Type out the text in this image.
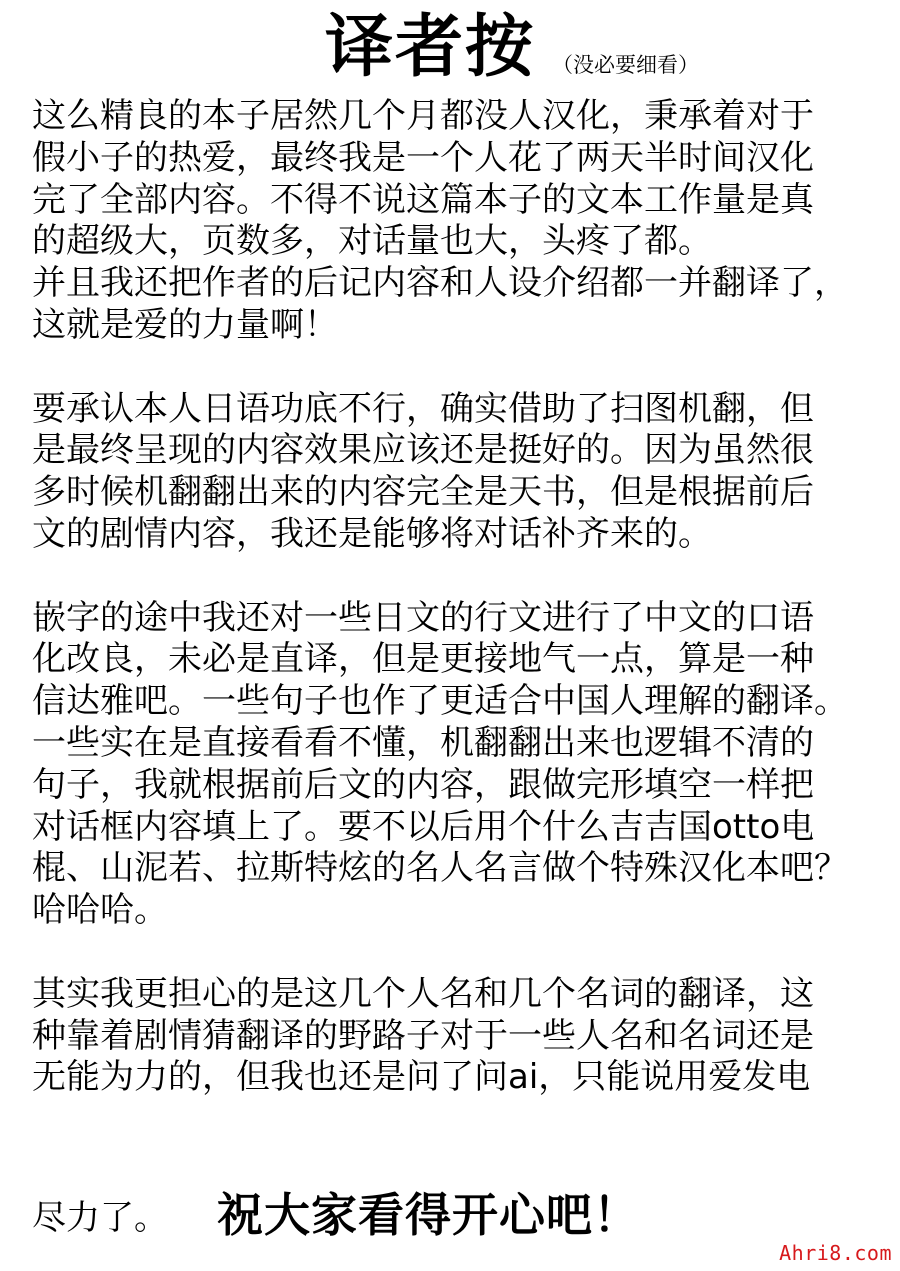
译者按 （没必要细看）

这么精良的本子居然几个月都没人汉化，秉承着对于
假小子的热爱，最终我是一个人花了两天半时间汉化
完了全部内容。不得不说这篇本子的文本工作量是真
的超级大，页数多，对话量也大，头疼了都。
并且我还把作者的后记内容和人设介绍都一并翻译了，
这就是爱的力量啊！

要承认本人日语功底不行，确实借助了扫图机翻，但
是最终呈现的内容效果应该还是挺好的。因为虽然很
多时候机翻翻出来的内容完全是天书，但是根据前后
文的剧情内容，我还是能够将对话补齐来的。

嵌字的途中我还对一些日文的行文进行了中文的口语
化改良，未必是直译，但是更接地气一点，算是一种
信达雅吧。一些句子也作了更适合中国人理解的翻译。
一些实在是直接看看不懂，机翻翻出来也逻辑不清的
句子，我就根据前后文的内容，跟做完形填空一样把
对话框内容填上了。要不以后用个什么吉吉国otto电
棍、山泥若、拉斯特炫的名人名言做个特殊汉化本吧？
哈哈哈。

其实我更担心的是这几个人名和几个名词的翻译，这
种靠着剧情猜翻译的野路子对于一些人名和名词还是
无能为力的，但我也还是问了问ai，只能说用爱发电

尽力了。 祝大家看得开心吧！
Ahri8.com
